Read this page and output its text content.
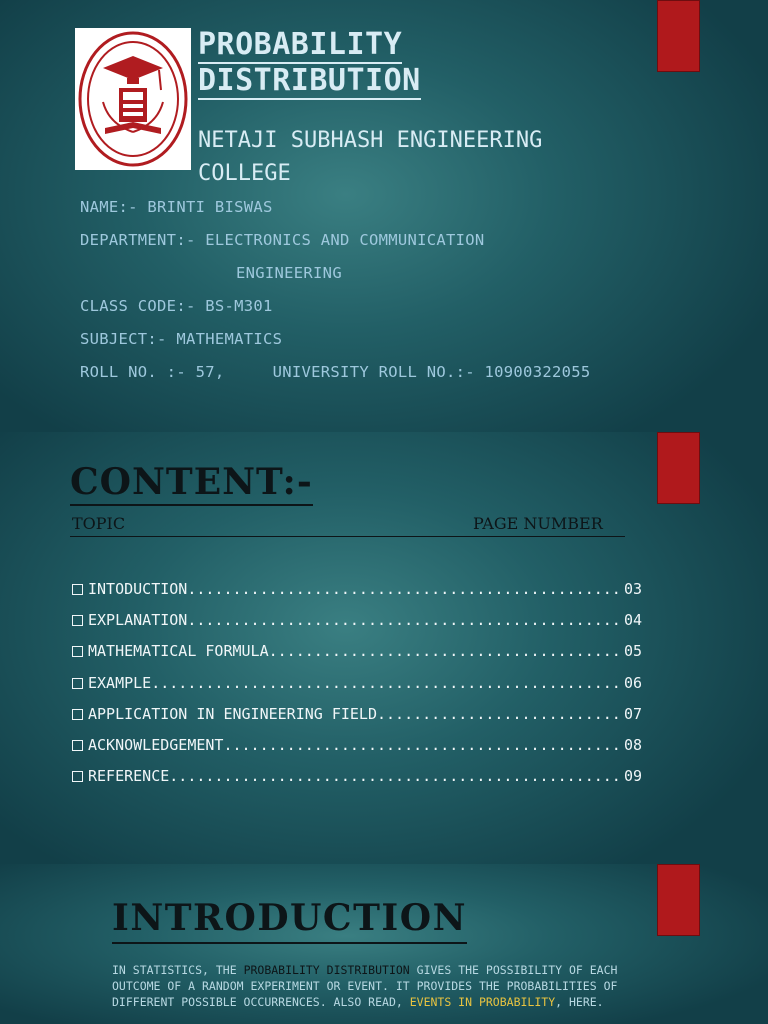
PROBABILITY
DISTRIBUTION
NETAJI SUBHASH ENGINEERING
COLLEGE
NAME:- BRINTI BISWAS
DEPARTMENT:- ELECTRONICS AND COMMUNICATION
ENGINEERING
CLASS CODE:- BS-M301
SUBJECT:- MATHEMATICS
ROLL NO. :- 57,     UNIVERSITY ROLL NO.:- 10900322055
CONTENT:-
TOPIC	PAGE NUMBER
INTODUCTION .....	03
EXPLANATION .....	04
MATHEMATICAL FORMULA .....	05
EXAMPLE .....	06
APPLICATION IN ENGINEERING FIELD .....	07
ACKNOWLEDGEMENT .....	08
REFERENCE .....	09
INTRODUCTION
IN STATISTICS, THE PROBABILITY DISTRIBUTION GIVES THE POSSIBILITY OF EACH OUTCOME OF A RANDOM EXPERIMENT OR EVENT. IT PROVIDES THE PROBABILITIES OF DIFFERENT POSSIBLE OCCURRENCES. ALSO READ, EVENTS IN PROBABILITY, HERE.
